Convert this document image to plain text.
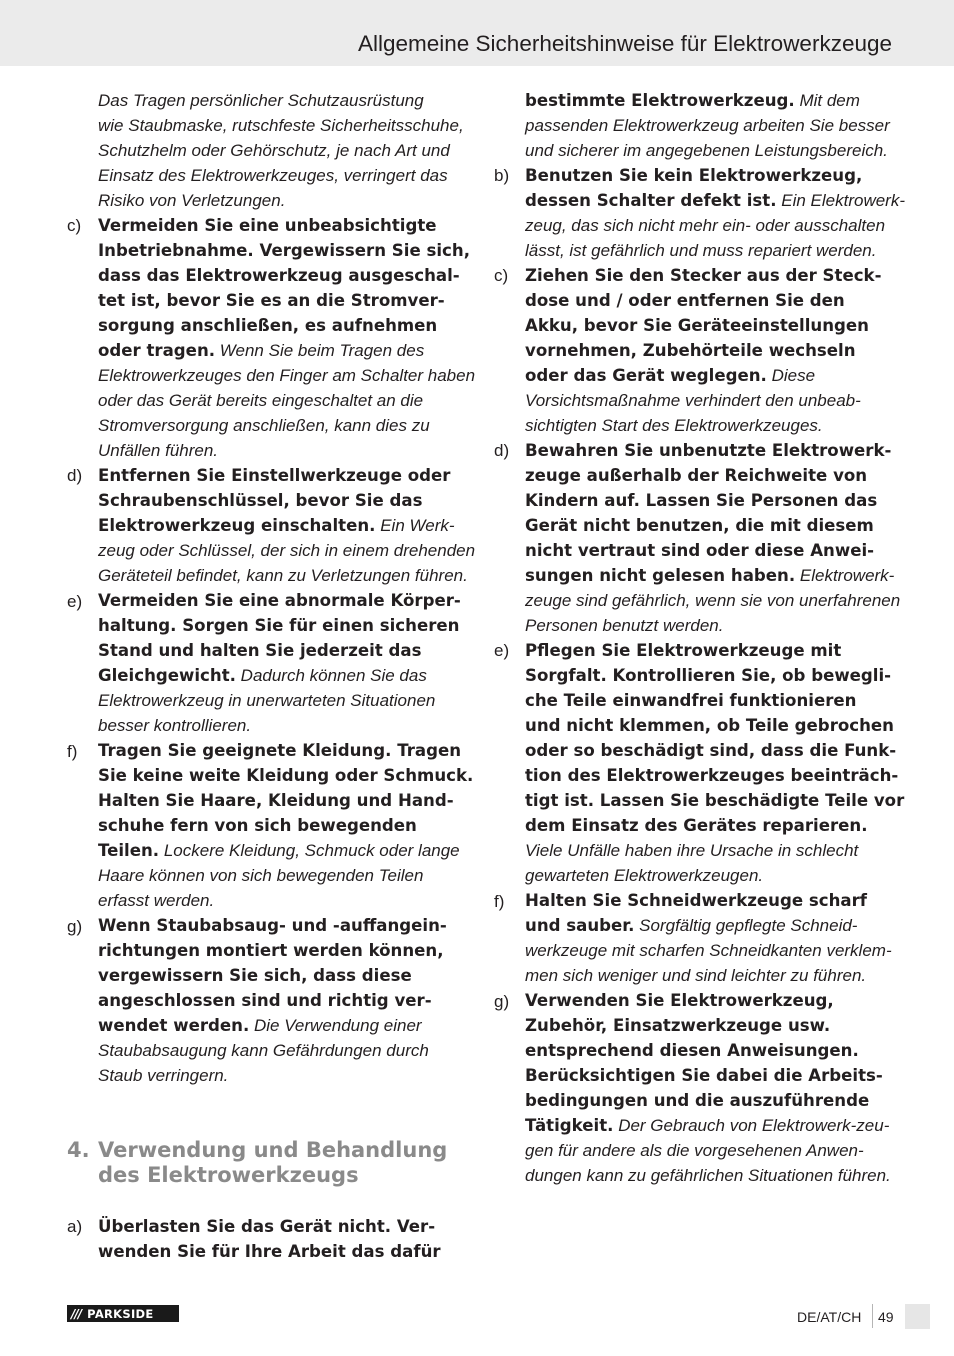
Allgemeine Sicherheitshinweise für Elektrowerkzeuge
Das Tragen persönlicher Schutzausrüstung
wie Staubmaske, rutschfeste Sicherheitsschuhe,
Schutzhelm oder Gehörschutz, je nach Art und
Einsatz des Elektrowerkzeuges, verringert das
Risiko von Verletzungen.
Vermeiden Sie eine unbeabsichtigte
Inbetriebnahme. Vergewissern Sie sich,
dass das Elektrowerkzeug ausgeschal-
tet ist, bevor Sie es an die Stromver-
sorgung anschließen, es aufnehmen
oder tragen. Wenn Sie beim Tragen des
Elektrowerkzeuges den Finger am Schalter haben
oder das Gerät bereits eingeschaltet an die
Stromversorgung anschließen, kann dies zu
Unfällen führen.
Entfernen Sie Einstellwerkzeuge oder
Schraubenschlüssel, bevor Sie das
Elektrowerkzeug einschalten. Ein Werk-
zeug oder Schlüssel, der sich in einem drehenden
Geräteteil befindet, kann zu Verletzungen führen.
Vermeiden Sie eine abnormale Körper-
haltung. Sorgen Sie für einen sicheren
Stand und halten Sie jederzeit das
Gleichgewicht. Dadurch können Sie das
Elektrowerkzeug in unerwarteten Situationen
besser kontrollieren.
Tragen Sie geeignete Kleidung. Tragen
Sie keine weite Kleidung oder Schmuck.
Halten Sie Haare, Kleidung und Hand-
schuhe fern von sich bewegenden
Teilen. Lockere Kleidung, Schmuck oder lange
Haare können von sich bewegenden Teilen
erfasst werden.
Wenn Staubabsaug- und -auffangein-
richtungen montiert werden können,
vergewissern Sie sich, dass diese
angeschlossen sind und richtig ver-
wendet werden. Die Verwendung einer
Staubabsaugung kann Gefährdungen durch
Staub verringern.
bestimmte Elektrowerkzeug. Mit dem
passenden Elektrowerkzeug arbeiten Sie besser
und sicherer im angegebenen Leistungsbereich.
Benutzen Sie kein Elektrowerkzeug,
dessen Schalter defekt ist. Ein Elektrowerk-
zeug, das sich nicht mehr ein- oder ausschalten
lässt, ist gefährlich und muss repariert werden.
Ziehen Sie den Stecker aus der Steck-
dose und / oder entfernen Sie den
Akku, bevor Sie Geräteeinstellungen
vornehmen, Zubehörteile wechseln
oder das Gerät weglegen. Diese
Vorsichtsmaßnahme verhindert den unbeab-
sichtigten Start des Elektrowerkzeuges.
Bewahren Sie unbenutzte Elektrowerk-
zeuge außerhalb der Reichweite von
Kindern auf. Lassen Sie Personen das
Gerät nicht benutzen, die mit diesem
nicht vertraut sind oder diese Anwei-
sungen nicht gelesen haben. Elektrowerk-
zeuge sind gefährlich, wenn sie von unerfahrenen
Personen benutzt werden.
Pflegen Sie Elektrowerkzeuge mit
Sorgfalt. Kontrollieren Sie, ob bewegli-
che Teile einwandfrei funktionieren
und nicht klemmen, ob Teile gebrochen
oder so beschädigt sind, dass die Funk-
tion des Elektrowerkzeuges beeinträch-
tigt ist. Lassen Sie beschädigte Teile vor
dem Einsatz des Gerätes reparieren.
Viele Unfälle haben ihre Ursache in schlecht
gewarteten Elektrowerkzeugen.
Halten Sie Schneidwerkzeuge scharf
und sauber. Sorgfältig gepflegte Schneid-
werkzeuge mit scharfen Schneidkanten verklem-
men sich weniger und sind leichter zu führen.
Verwenden Sie Elektrowerkzeug,
Zubehör, Einsatzwerkzeuge usw.
entsprechend diesen Anweisungen.
Berücksichtigen Sie dabei die Arbeits-
bedingungen und die auszuführende
Tätigkeit. Der Gebrauch von Elektrowerk-zeu-
gen für andere als die vorgesehenen Anwen-
dungen kann zu gefährlichen Situationen führen.
c)
d)
e)
f)
g)
4. Verwendung und Behandlung
des Elektrowerkzeugs
a) Überlasten Sie das Gerät nicht. Ver-
wenden Sie für Ihre Arbeit das dafür
b)
c)
d)
e)
f)
g)
/// PARKSIDE	DE/AT/CH 49
